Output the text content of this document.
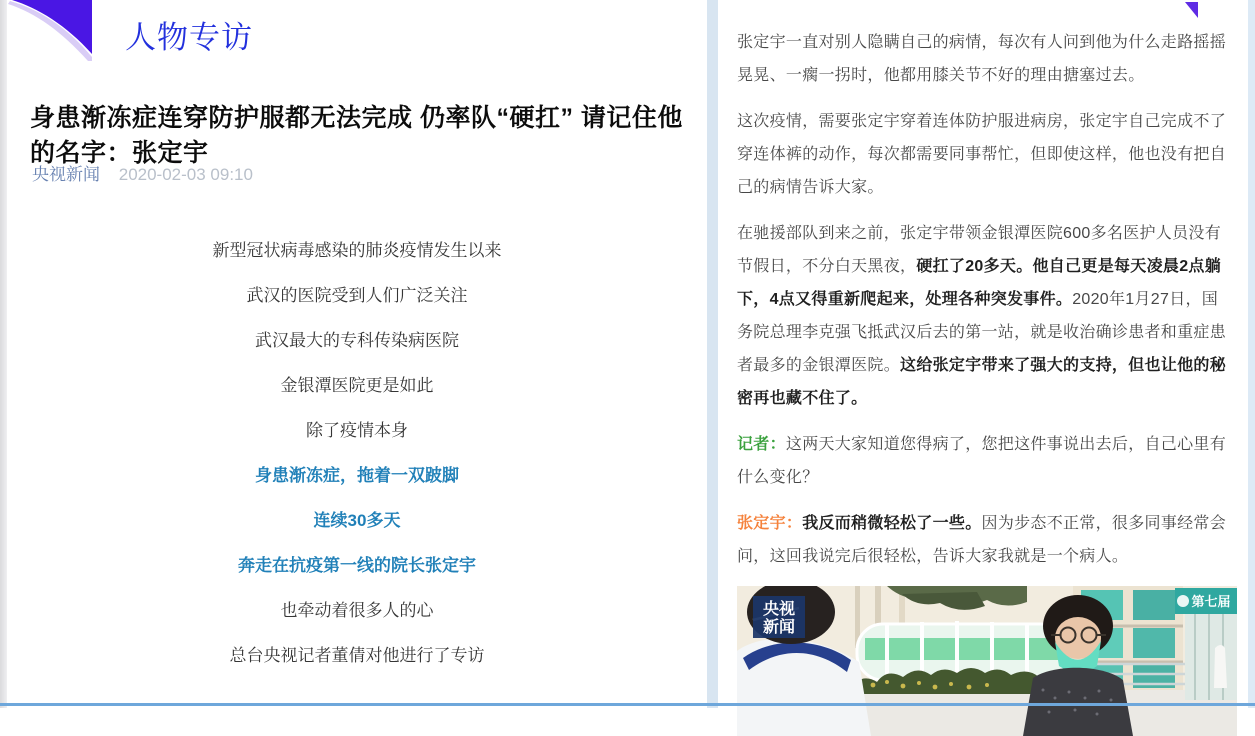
人物专访
身患渐冻症连穿防护服都无法完成 仍率队“硬扛” 请记住他的名字：张定宇
央视新闻 2020-02-03 09:10
新型冠状病毒感染的肺炎疫情发生以来
武汉的医院受到人们广泛关注
武汉最大的专科传染病医院
金银潭医院更是如此
除了疫情本身
身患渐冻症，拖着一双跛脚
连续30多天
奔走在抗疫第一线的院长张定宇
也牵动着很多人的心
总台央视记者董倩对他进行了专访

张定宇一直对别人隐瞒自己的病情，每次有人问到他为什么走路摇摇晃晃、一瘸一拐时，他都用膝关节不好的理由搪塞过去。

这次疫情，需要张定宇穿着连体防护服进病房，张定宇自己完成不了穿连体裤的动作，每次都需要同事帮忙，但即使这样，他也没有把自己的病情告诉大家。

在驰援部队到来之前，张定宇带领金银潭医院600多名医护人员没有节假日，不分白天黑夜，硬扛了20多天。他自己更是每天凌晨2点躺下，4点又得重新爬起来，处理各种突发事件。2020年1月27日，国务院总理李克强飞抵武汉后去的第一站，就是收治确诊患者和重症患者最多的金银潭医院。这给张定宇带来了强大的支持，但也让他的秘密再也藏不住了。

记者：这两天大家知道您得病了，您把这件事说出去后，自己心里有什么变化？

张定宇：我反而稍微轻松了一些。因为步态不正常，很多同事经常会问，这回我说完后很轻松，告诉大家我就是一个病人。

第七届
央视
新闻
